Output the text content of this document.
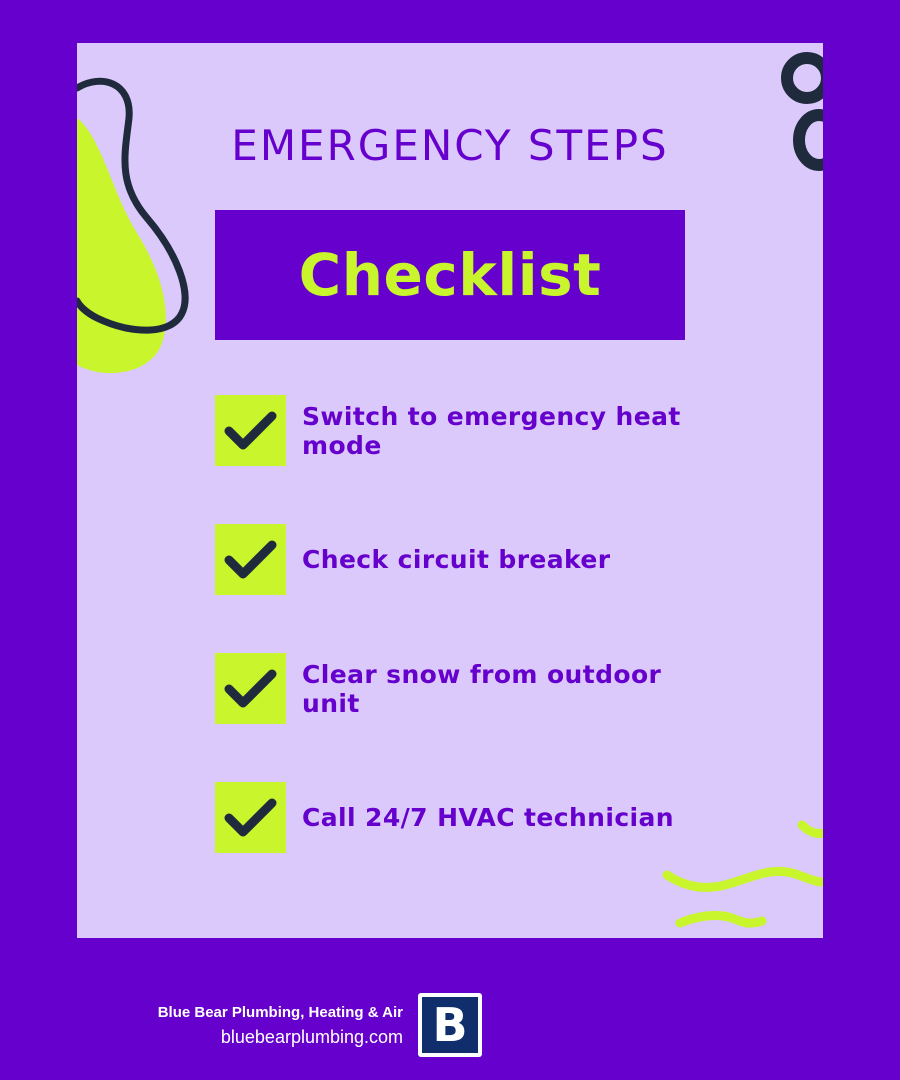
EMERGENCY STEPS
Checklist
Switch to emergency heat mode
Check circuit breaker
Clear snow from outdoor unit
Call 24/7 HVAC technician
Blue Bear Plumbing, Heating & Air
bluebearplumbing.com B
